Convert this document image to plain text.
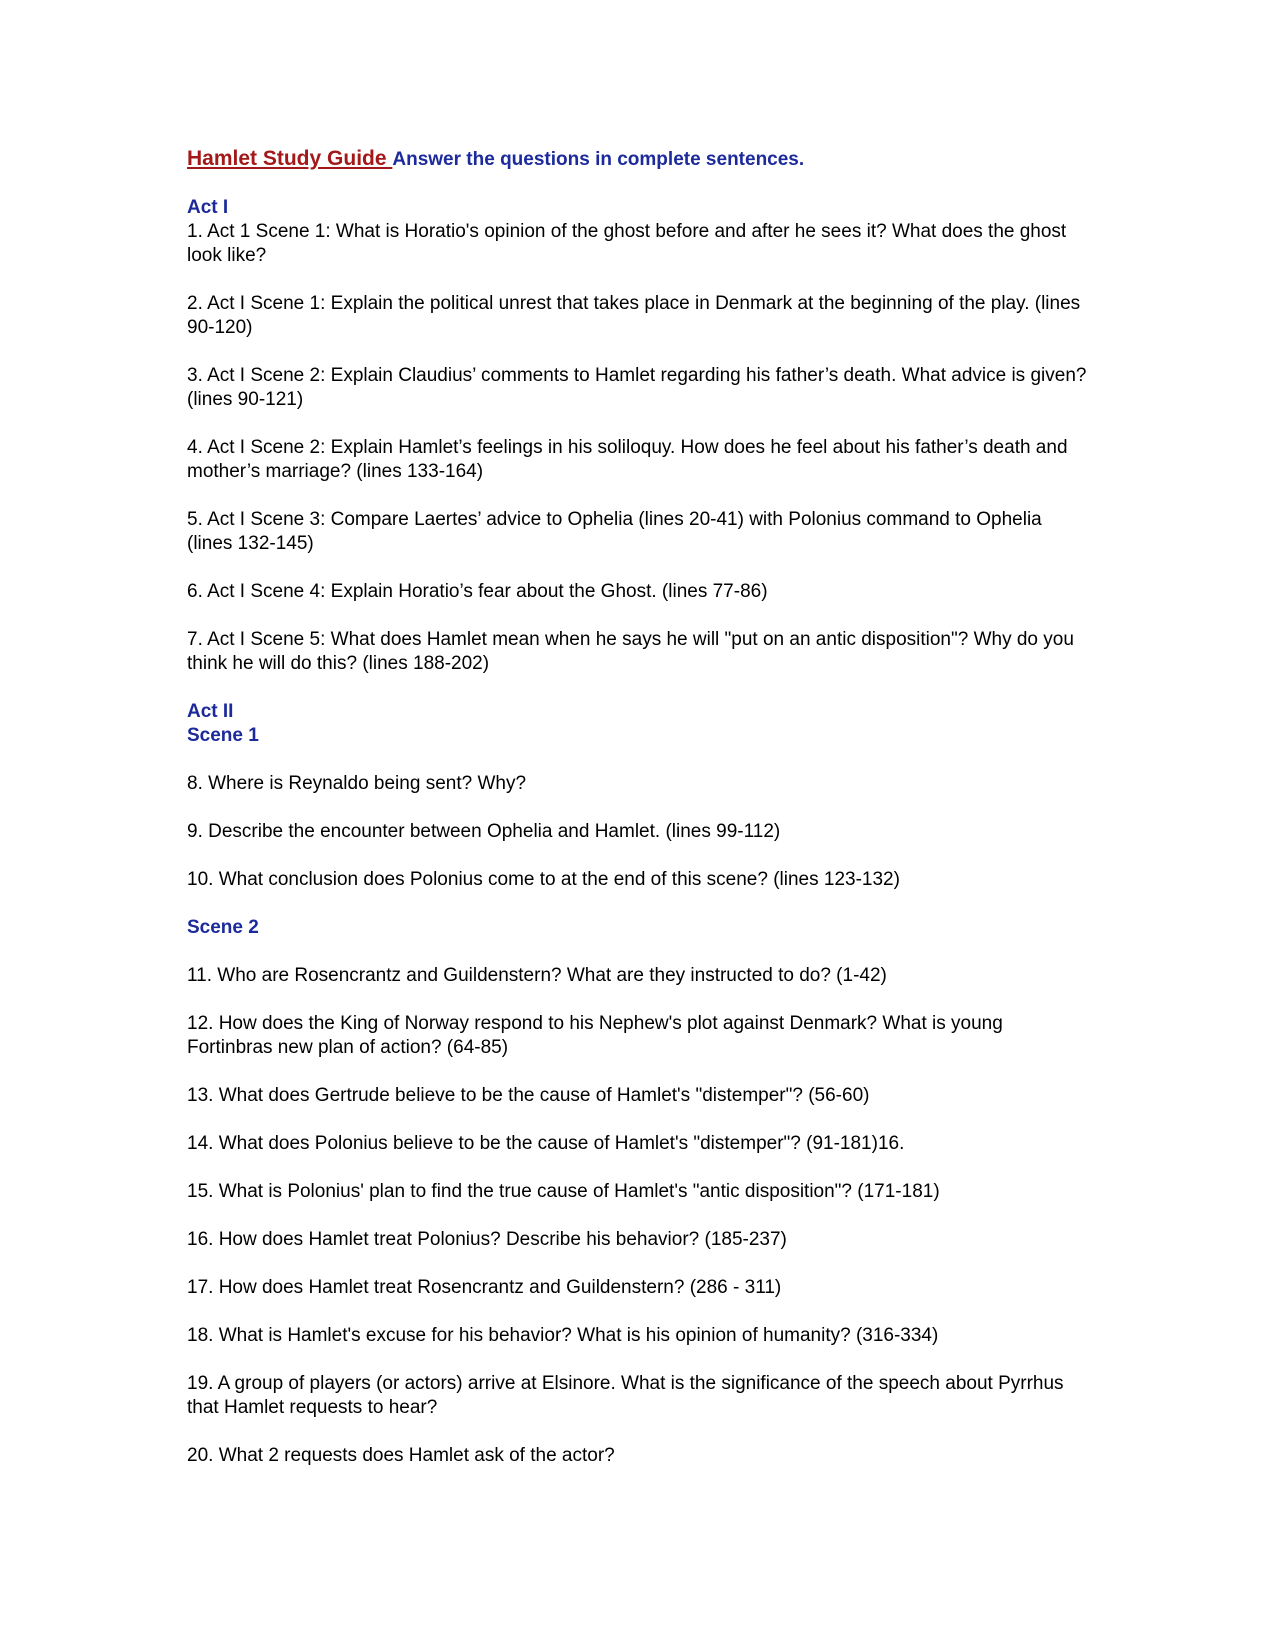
Hamlet Study Guide Answer the questions in complete sentences.

Act I

1. Act 1 Scene 1: What is Horatio's opinion of the ghost before and after he sees it? What does the ghost look like?

2. Act I Scene 1: Explain the political unrest that takes place in Denmark at the beginning of the play. (lines 90-120)

3. Act I Scene 2: Explain Claudius’ comments to Hamlet regarding his father’s death. What advice is given? (lines 90-121)

4. Act I Scene 2: Explain Hamlet’s feelings in his soliloquy. How does he feel about his father’s death and mother’s marriage? (lines 133-164)

5. Act I Scene 3: Compare Laertes’ advice to Ophelia (lines 20-41) with Polonius command to Ophelia (lines 132-145)

6. Act I Scene 4: Explain Horatio’s fear about the Ghost. (lines 77-86)

7. Act I Scene 5: What does Hamlet mean when he says he will "put on an antic disposition"? Why do you think he will do this? (lines 188-202)

Act II

Scene 1

8. Where is Reynaldo being sent? Why?

9. Describe the encounter between Ophelia and Hamlet. (lines 99-112)

10. What conclusion does Polonius come to at the end of this scene? (lines 123-132)

Scene 2

11. Who are Rosencrantz and Guildenstern? What are they instructed to do? (1-42)

12. How does the King of Norway respond to his Nephew's plot against Denmark? What is young Fortinbras new plan of action? (64-85)

13. What does Gertrude believe to be the cause of Hamlet's "distemper"? (56-60)

14. What does Polonius believe to be the cause of Hamlet's "distemper"? (91-181)16.

15. What is Polonius' plan to find the true cause of Hamlet's "antic disposition"? (171-181)

16. How does Hamlet treat Polonius? Describe his behavior? (185-237)

17. How does Hamlet treat Rosencrantz and Guildenstern? (286 - 311)

18. What is Hamlet's excuse for his behavior? What is his opinion of humanity? (316-334)

19. A group of players (or actors) arrive at Elsinore. What is the significance of the speech about Pyrrhus that Hamlet requests to hear?

20. What 2 requests does Hamlet ask of the actor?
